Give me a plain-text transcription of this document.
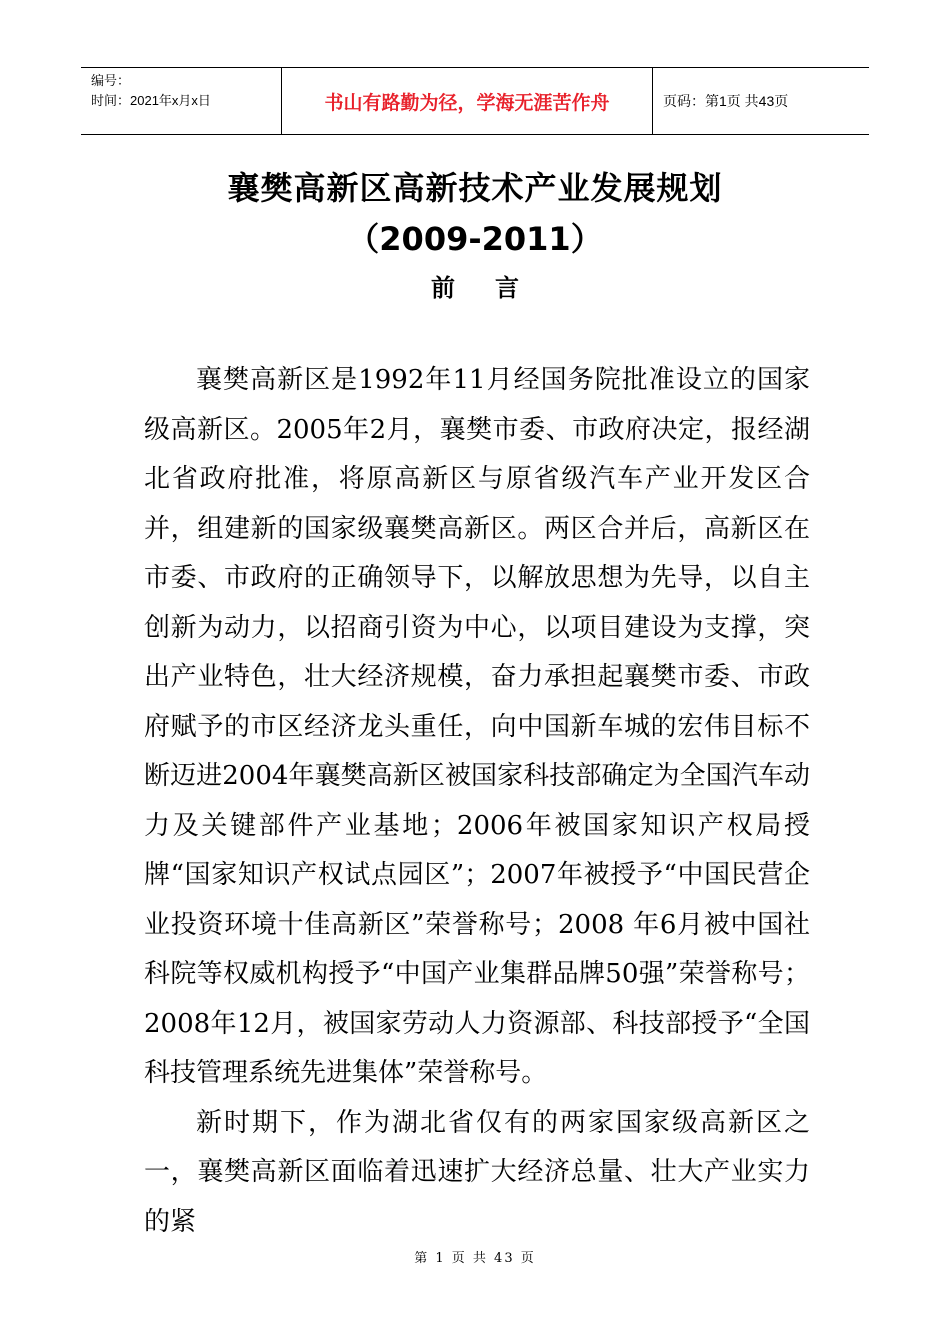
编号：
时间：2021年x月x日	书山有路勤为径，学海无涯苦作舟	页码：第1页 共43页
襄樊高新区高新技术产业发展规划
（2009-2011）
前言

襄樊高新区是1992年11月经国务院批准设立的国家级高新区。2005年2月，襄樊市委、市政府决定，报经湖北省政府批准，将原高新区与原省级汽车产业开发区合并，组建新的国家级襄樊高新区。两区合并后，高新区在市委、市政府的正确领导下，以解放思想为先导，以自主创新为动力，以招商引资为中心，以项目建设为支撑，突出产业特色，壮大经济规模，奋力承担起襄樊市委、市政府赋予的市区经济龙头重任，向中国新车城的宏伟目标不断迈进2004年襄樊高新区被国家科技部确定为全国汽车动力及关键部件产业基地；2006年被国家知识产权局授牌“国家知识产权试点园区”；2007年被授予“中国民营企业投资环境十佳高新区”荣誉称号；2008 年6月被中国社科院等权威机构授予“中国产业集群品牌50强”荣誉称号；2008年12月，被国家劳动人力资源部、科技部授予“全国科技管理系统先进集体”荣誉称号。

新时期下，作为湖北省仅有的两家国家级高新区之一，襄樊高新区面临着迅速扩大经济总量、壮大产业实力的紧

第 1 页 共 43 页
